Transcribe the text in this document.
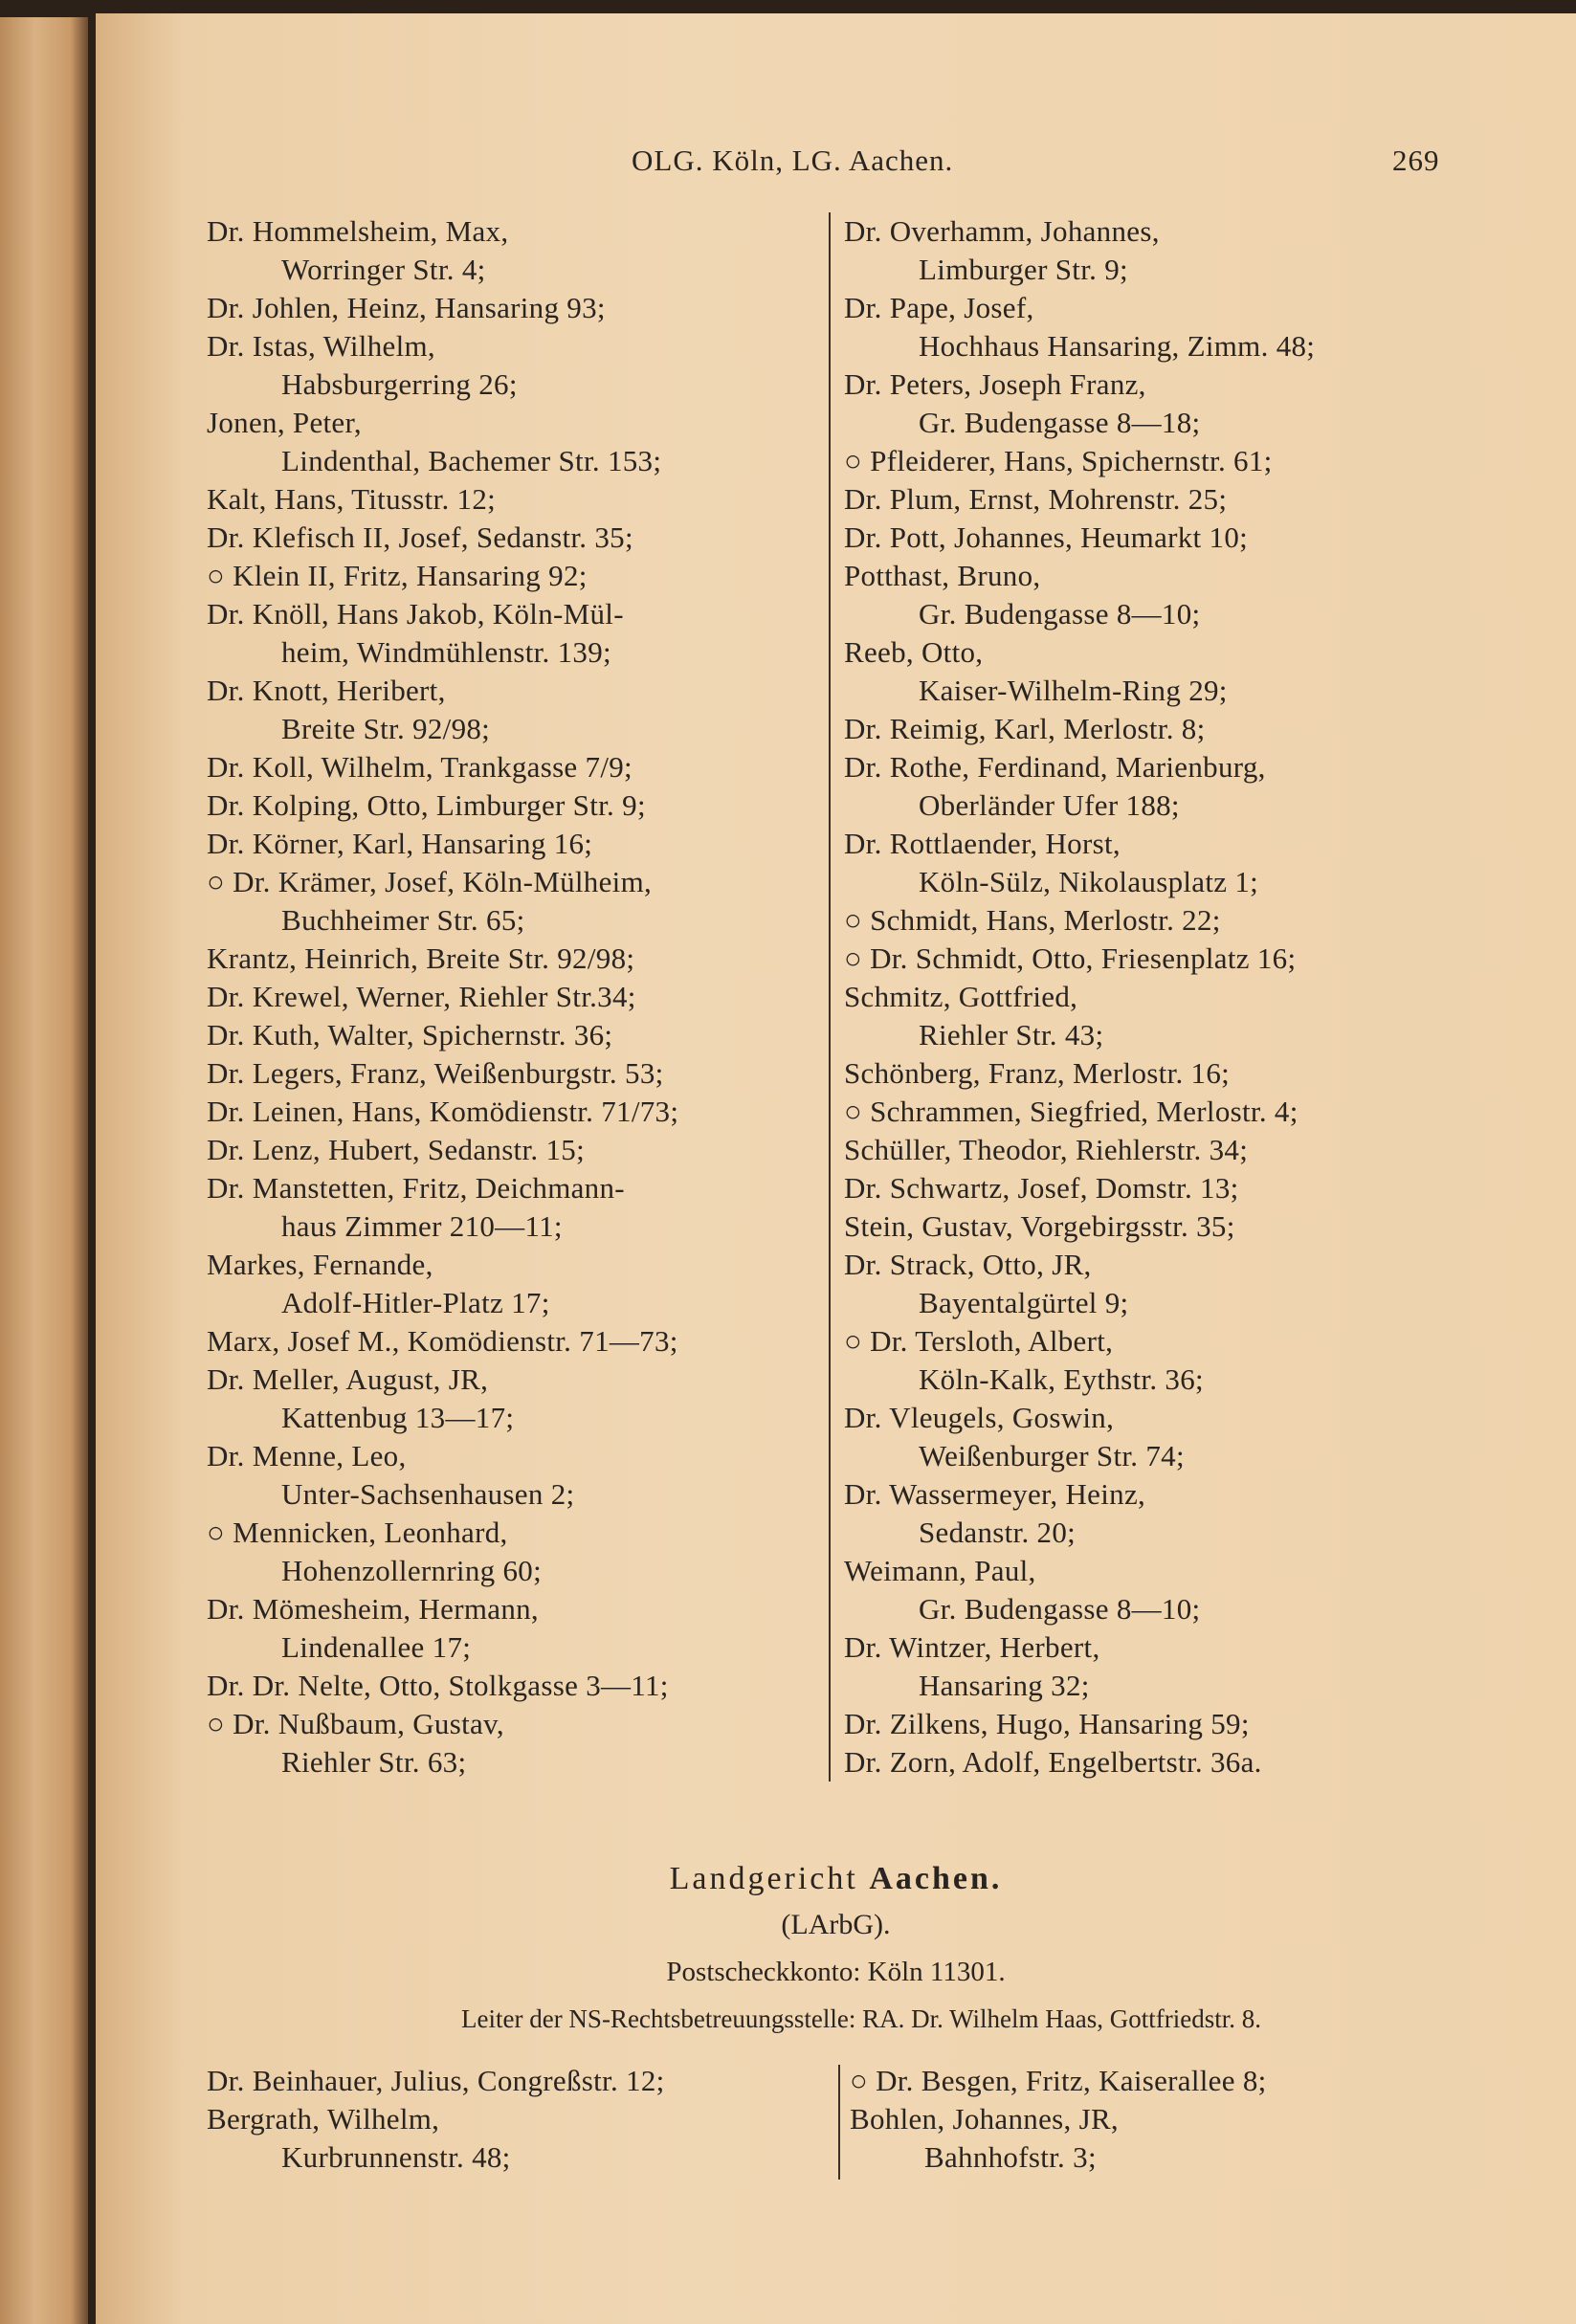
OLG. Köln, LG. Aachen.	269
Dr. Hommelsheim, Max,
Worringer Str. 4;
Dr. Johlen, Heinz, Hansaring 93;
Dr. Istas, Wilhelm,
Habsburgerring 26;
Jonen, Peter,
Lindenthal, Bachemer Str. 153;
Kalt, Hans, Titusstr. 12;
Dr. Klefisch II, Josef, Sedanstr. 35;
○ Klein II, Fritz, Hansaring 92;
Dr. Knöll, Hans Jakob, Köln-Mül-
heim, Windmühlenstr. 139;
Dr. Knott, Heribert,
Breite Str. 92/98;
Dr. Koll, Wilhelm, Trankgasse 7/9;
Dr. Kolping, Otto, Limburger Str. 9;
Dr. Körner, Karl, Hansaring 16;
○ Dr. Krämer, Josef, Köln-Mülheim,
Buchheimer Str. 65;
Krantz, Heinrich, Breite Str. 92/98;
Dr. Krewel, Werner, Riehler Str.34;
Dr. Kuth, Walter, Spichernstr. 36;
Dr. Legers, Franz, Weißenburgstr. 53;
Dr. Leinen, Hans, Komödienstr. 71/73;
Dr. Lenz, Hubert, Sedanstr. 15;
Dr. Manstetten, Fritz, Deichmann-
haus Zimmer 210—11;
Markes, Fernande,
Adolf-Hitler-Platz 17;
Marx, Josef M., Komödienstr. 71—73;
Dr. Meller, August, JR,
Kattenbug 13—17;
Dr. Menne, Leo,
Unter-Sachsenhausen 2;
○ Mennicken, Leonhard,
Hohenzollernring 60;
Dr. Mömesheim, Hermann,
Lindenallee 17;
Dr. Dr. Nelte, Otto, Stolkgasse 3—11;
○ Dr. Nußbaum, Gustav,
Riehler Str. 63;
Dr. Overhamm, Johannes,
Limburger Str. 9;
Dr. Pape, Josef,
Hochhaus Hansaring, Zimm. 48;
Dr. Peters, Joseph Franz,
Gr. Budengasse 8—18;
○ Pfleiderer, Hans, Spichernstr. 61;
Dr. Plum, Ernst, Mohrenstr. 25;
Dr. Pott, Johannes, Heumarkt 10;
Potthast, Bruno,
Gr. Budengasse 8—10;
Reeb, Otto,
Kaiser-Wilhelm-Ring 29;
Dr. Reimig, Karl, Merlostr. 8;
Dr. Rothe, Ferdinand, Marienburg,
Oberländer Ufer 188;
Dr. Rottlaender, Horst,
Köln-Sülz, Nikolausplatz 1;
○ Schmidt, Hans, Merlostr. 22;
○ Dr. Schmidt, Otto, Friesenplatz 16;
Schmitz, Gottfried,
Riehler Str. 43;
Schönberg, Franz, Merlostr. 16;
○ Schrammen, Siegfried, Merlostr. 4;
Schüller, Theodor, Riehlerstr. 34;
Dr. Schwartz, Josef, Domstr. 13;
Stein, Gustav, Vorgebirgsstr. 35;
Dr. Strack, Otto, JR,
Bayentalgürtel 9;
○ Dr. Tersloth, Albert,
Köln-Kalk, Eythstr. 36;
Dr. Vleugels, Goswin,
Weißenburger Str. 74;
Dr. Wassermeyer, Heinz,
Sedanstr. 20;
Weimann, Paul,
Gr. Budengasse 8—10;
Dr. Wintzer, Herbert,
Hansaring 32;
Dr. Zilkens, Hugo, Hansaring 59;
Dr. Zorn, Adolf, Engelbertstr. 36a.
Landgericht Aachen.
(LArbG).
Postscheckkonto: Köln 11301.
Leiter der NS-Rechtsbetreuungsstelle: RA. Dr. Wilhelm Haas, Gottfriedstr. 8.
Dr. Beinhauer, Julius, Congreßstr. 12;
Bergrath, Wilhelm,
Kurbrunnenstr. 48;
○ Dr. Besgen, Fritz, Kaiserallee 8;
Bohlen, Johannes, JR,
Bahnhofstr. 3;
